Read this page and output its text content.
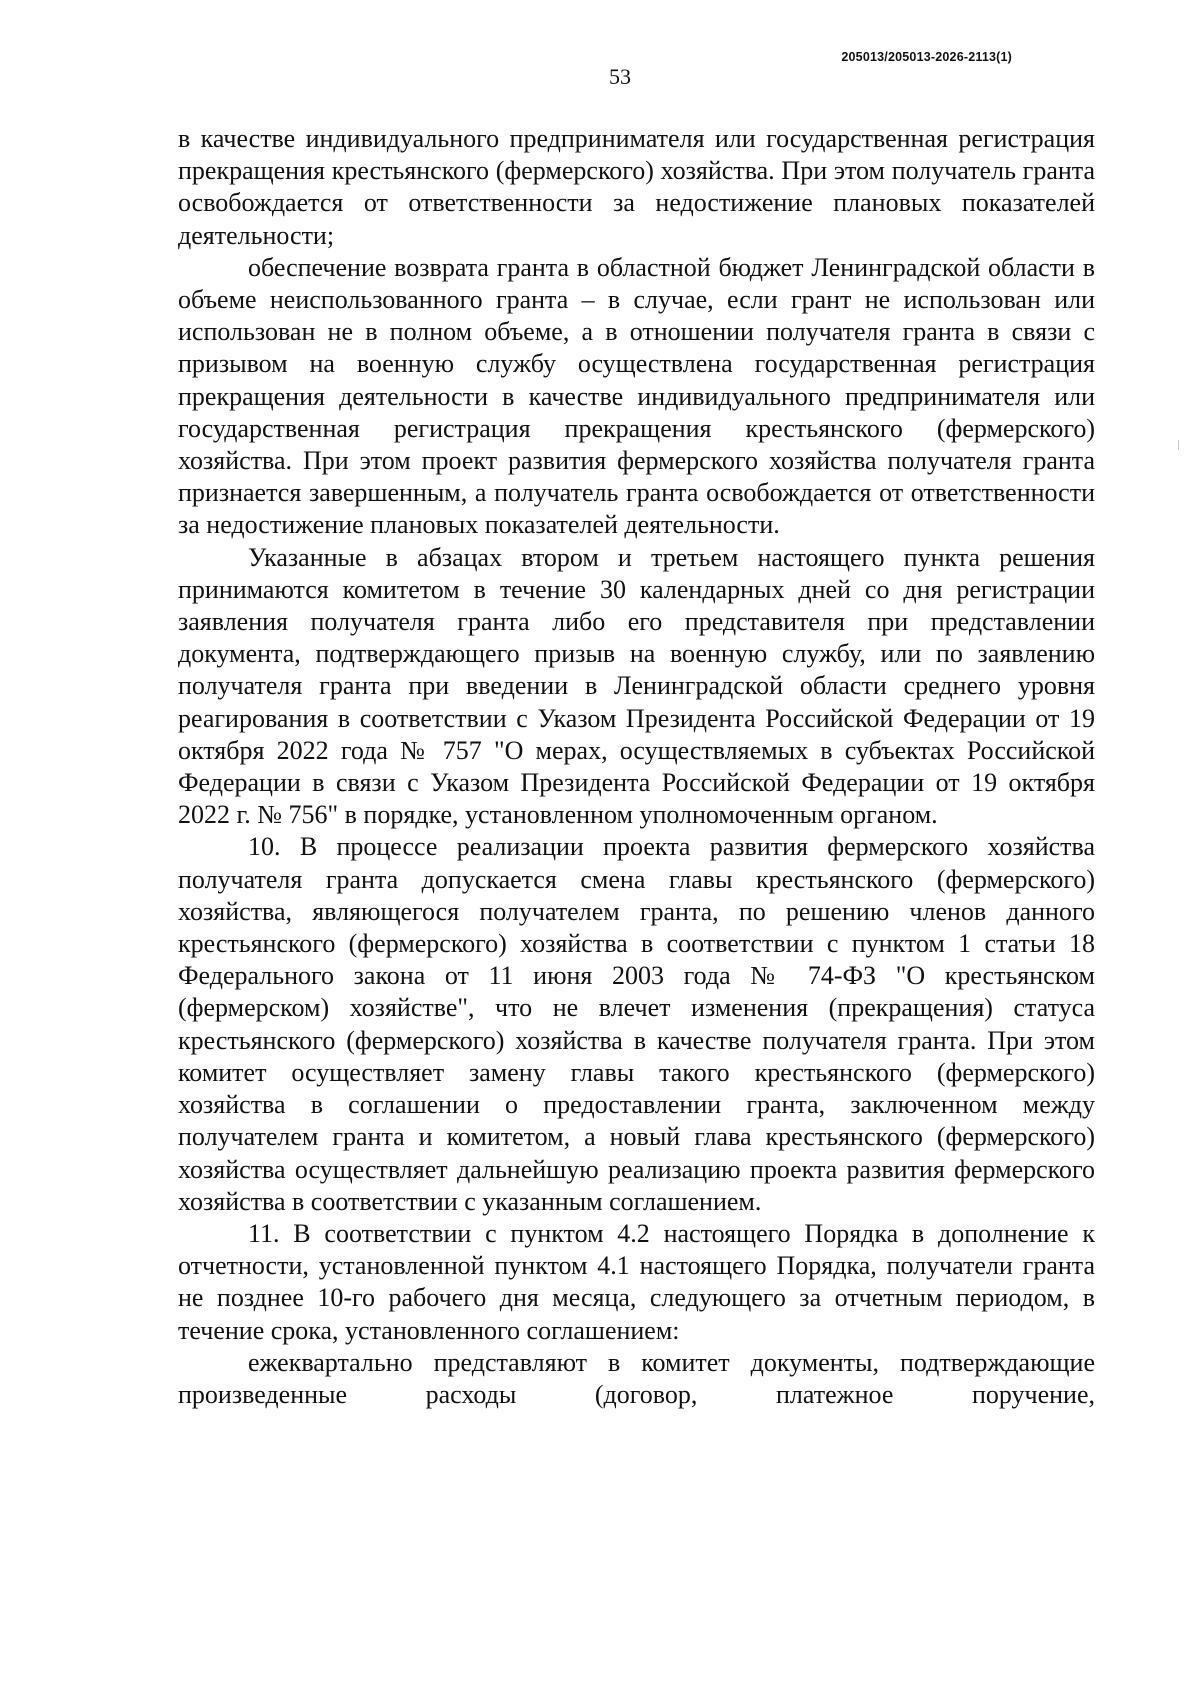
205013/205013-2026-2113(1)
53

в качестве индивидуального предпринимателя или государственная регистрация прекращения крестьянского (фермерского) хозяйства. При этом получатель гранта освобождается от ответственности за недостижение плановых показателей деятельности;

обеспечение возврата гранта в областной бюджет Ленинградской области в объеме неиспользованного гранта – в случае, если грант не использован или использован не в полном объеме, а в отношении получателя гранта в связи с призывом на военную службу осуществлена государственная регистрация прекращения деятельности в качестве индивидуального предпринимателя или государственная регистрация прекращения крестьянского (фермерского) хозяйства. При этом проект развития фермерского хозяйства получателя гранта признается завершенным, а получатель гранта освобождается от ответственности за недостижение плановых показателей деятельности.

Указанные в абзацах втором и третьем настоящего пункта решения принимаются комитетом в течение 30 календарных дней со дня регистрации заявления получателя гранта либо его представителя при представлении документа, подтверждающего призыв на военную службу, или по заявлению получателя гранта при введении в Ленинградской области среднего уровня реагирования в соответствии с Указом Президента Российской Федерации от 19 октября 2022 года № 757 "О мерах, осуществляемых в субъектах Российской Федерации в связи с Указом Президента Российской Федерации от 19 октября 2022 г. № 756" в порядке, установленном уполномоченным органом.

10. В процессе реализации проекта развития фермерского хозяйства получателя гранта допускается смена главы крестьянского (фермерского) хозяйства, являющегося получателем гранта, по решению членов данного крестьянского (фермерского) хозяйства в соответствии с пунктом 1 статьи 18 Федерального закона от 11 июня 2003 года № 74-ФЗ "О крестьянском (фермерском) хозяйстве", что не влечет изменения (прекращения) статуса крестьянского (фермерского) хозяйства в качестве получателя гранта. При этом комитет осуществляет замену главы такого крестьянского (фермерского) хозяйства в соглашении о предоставлении гранта, заключенном между получателем гранта и комитетом, а новый глава крестьянского (фермерского) хозяйства осуществляет дальнейшую реализацию проекта развития фермерского хозяйства в соответствии с указанным соглашением.

11. В соответствии с пунктом 4.2 настоящего Порядка в дополнение к отчетности, установленной пунктом 4.1 настоящего Порядка, получатели гранта не позднее 10-го рабочего дня месяца, следующего за отчетным периодом, в течение срока, установленного соглашением:

ежеквартально представляют в комитет документы, подтверждающие произведенные расходы (договор, платежное поручение,
